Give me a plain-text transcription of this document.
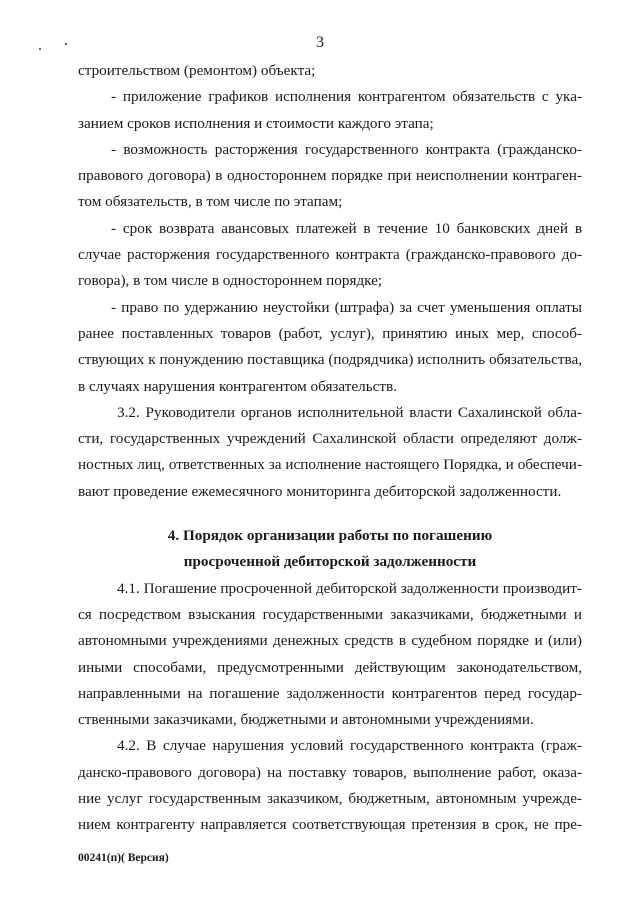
3
строительством (ремонтом) объекта;
- приложение графиков исполнения контрагентом обязательств с ука-
занием сроков исполнения и стоимости каждого этапа;
- возможность расторжения государственного контракта (гражданско-
правового договора) в одностороннем порядке при неисполнении контраген-
том обязательств, в том числе по этапам;
- срок возврата авансовых платежей в течение 10 банковских дней в
случае расторжения государственного контракта (гражданско-правового до-
говора), в том числе в одностороннем порядке;
- право по удержанию неустойки (штрафа) за счет уменьшения оплаты
ранее поставленных товаров (работ, услуг), принятию иных мер, способ-
ствующих к понуждению поставщика (подрядчика) исполнить обязательства,
в случаях нарушения контрагентом обязательств.
3.2. Руководители органов исполнительной власти Сахалинской обла-
сти, государственных учреждений Сахалинской области определяют долж-
ностных лиц, ответственных за исполнение настоящего Порядка, и обеспечи-
вают проведение ежемесячного мониторинга дебиторской задолженности.
4. Порядок организации работы по погашению
просроченной дебиторской задолженности
4.1. Погашение просроченной дебиторской задолженности производит-
ся посредством взыскания государственными заказчиками, бюджетными и
автономными учреждениями денежных средств в судебном порядке и (или)
иными способами, предусмотренными действующим законодательством,
направленными на погашение задолженности контрагентов перед государ-
ственными заказчиками, бюджетными и автономными учреждениями.
4.2. В случае нарушения условий государственного контракта (граж-
данско-правового договора) на поставку товаров, выполнение работ, оказа-
ние услуг государственным заказчиком, бюджетным, автономным учрежде-
нием контрагенту направляется соответствующая претензия в срок, не пре-
00241(п)( Версия)
